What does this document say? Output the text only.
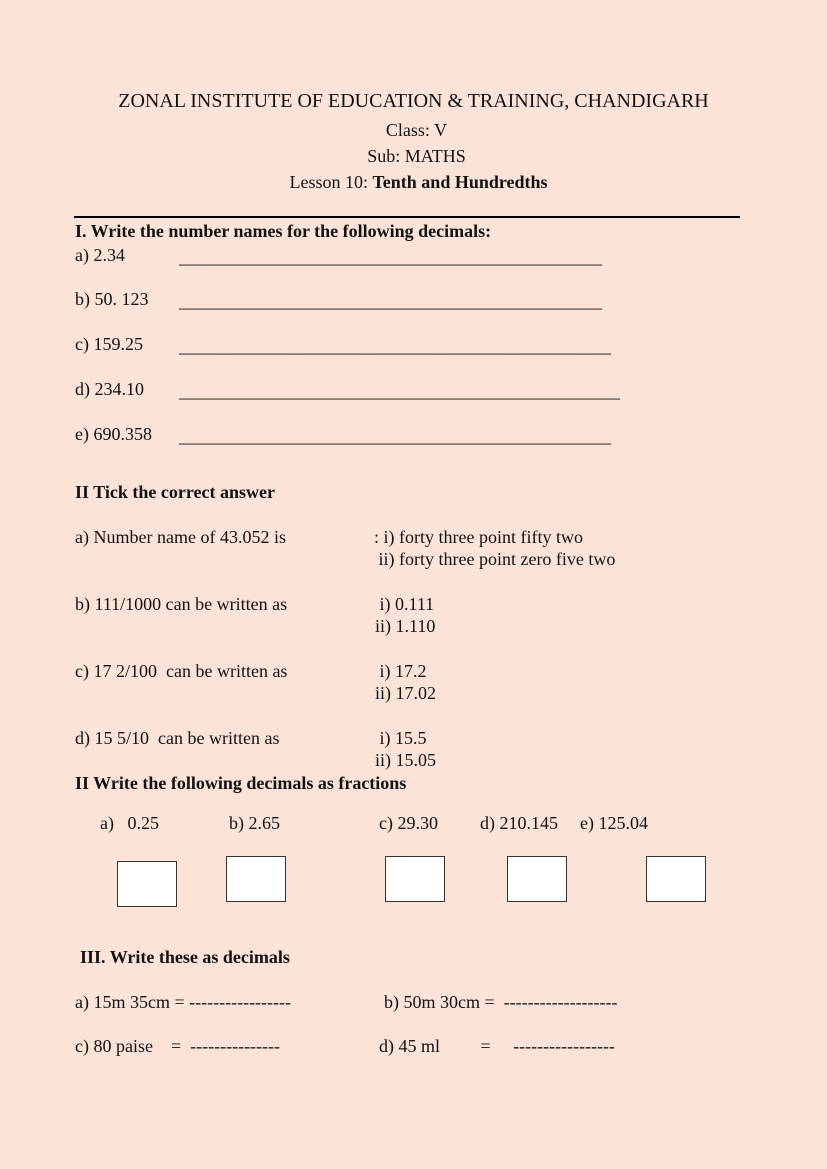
ZONAL INSTITUTE OF EDUCATION & TRAINING, CHANDIGARH
Class: V
Sub: MATHS
Lesson 10: Tenth and Hundredths
I. Write the number names for the following decimals:
a) 2.34	_______________________________________________
b) 50. 123 _______________________________________________
c) 159.25 ________________________________________________
d) 234.10 _________________________________________________
e) 690.358 ________________________________________________
II Tick the correct answer
a) Number name of 43.052 is	: i) forty three point fifty two
ii) forty three point zero five two
b) 111/1000 can be written as	i) 0.111
ii) 1.110
c) 17 2/100  can be written as	i) 17.2
ii) 17.02
d) 15 5/10  can be written as	i) 15.5
ii) 15.05
II Write the following decimals as fractions
a)   0.25	b) 2.65	c) 29.30 d) 210.145 e) 125.04
III. Write these as decimals
a) 15m 35cm = -----------------	b) 50m 30cm =  -------------------
c) 80 paise    =  ---------------	d) 45 ml         =     -----------------
